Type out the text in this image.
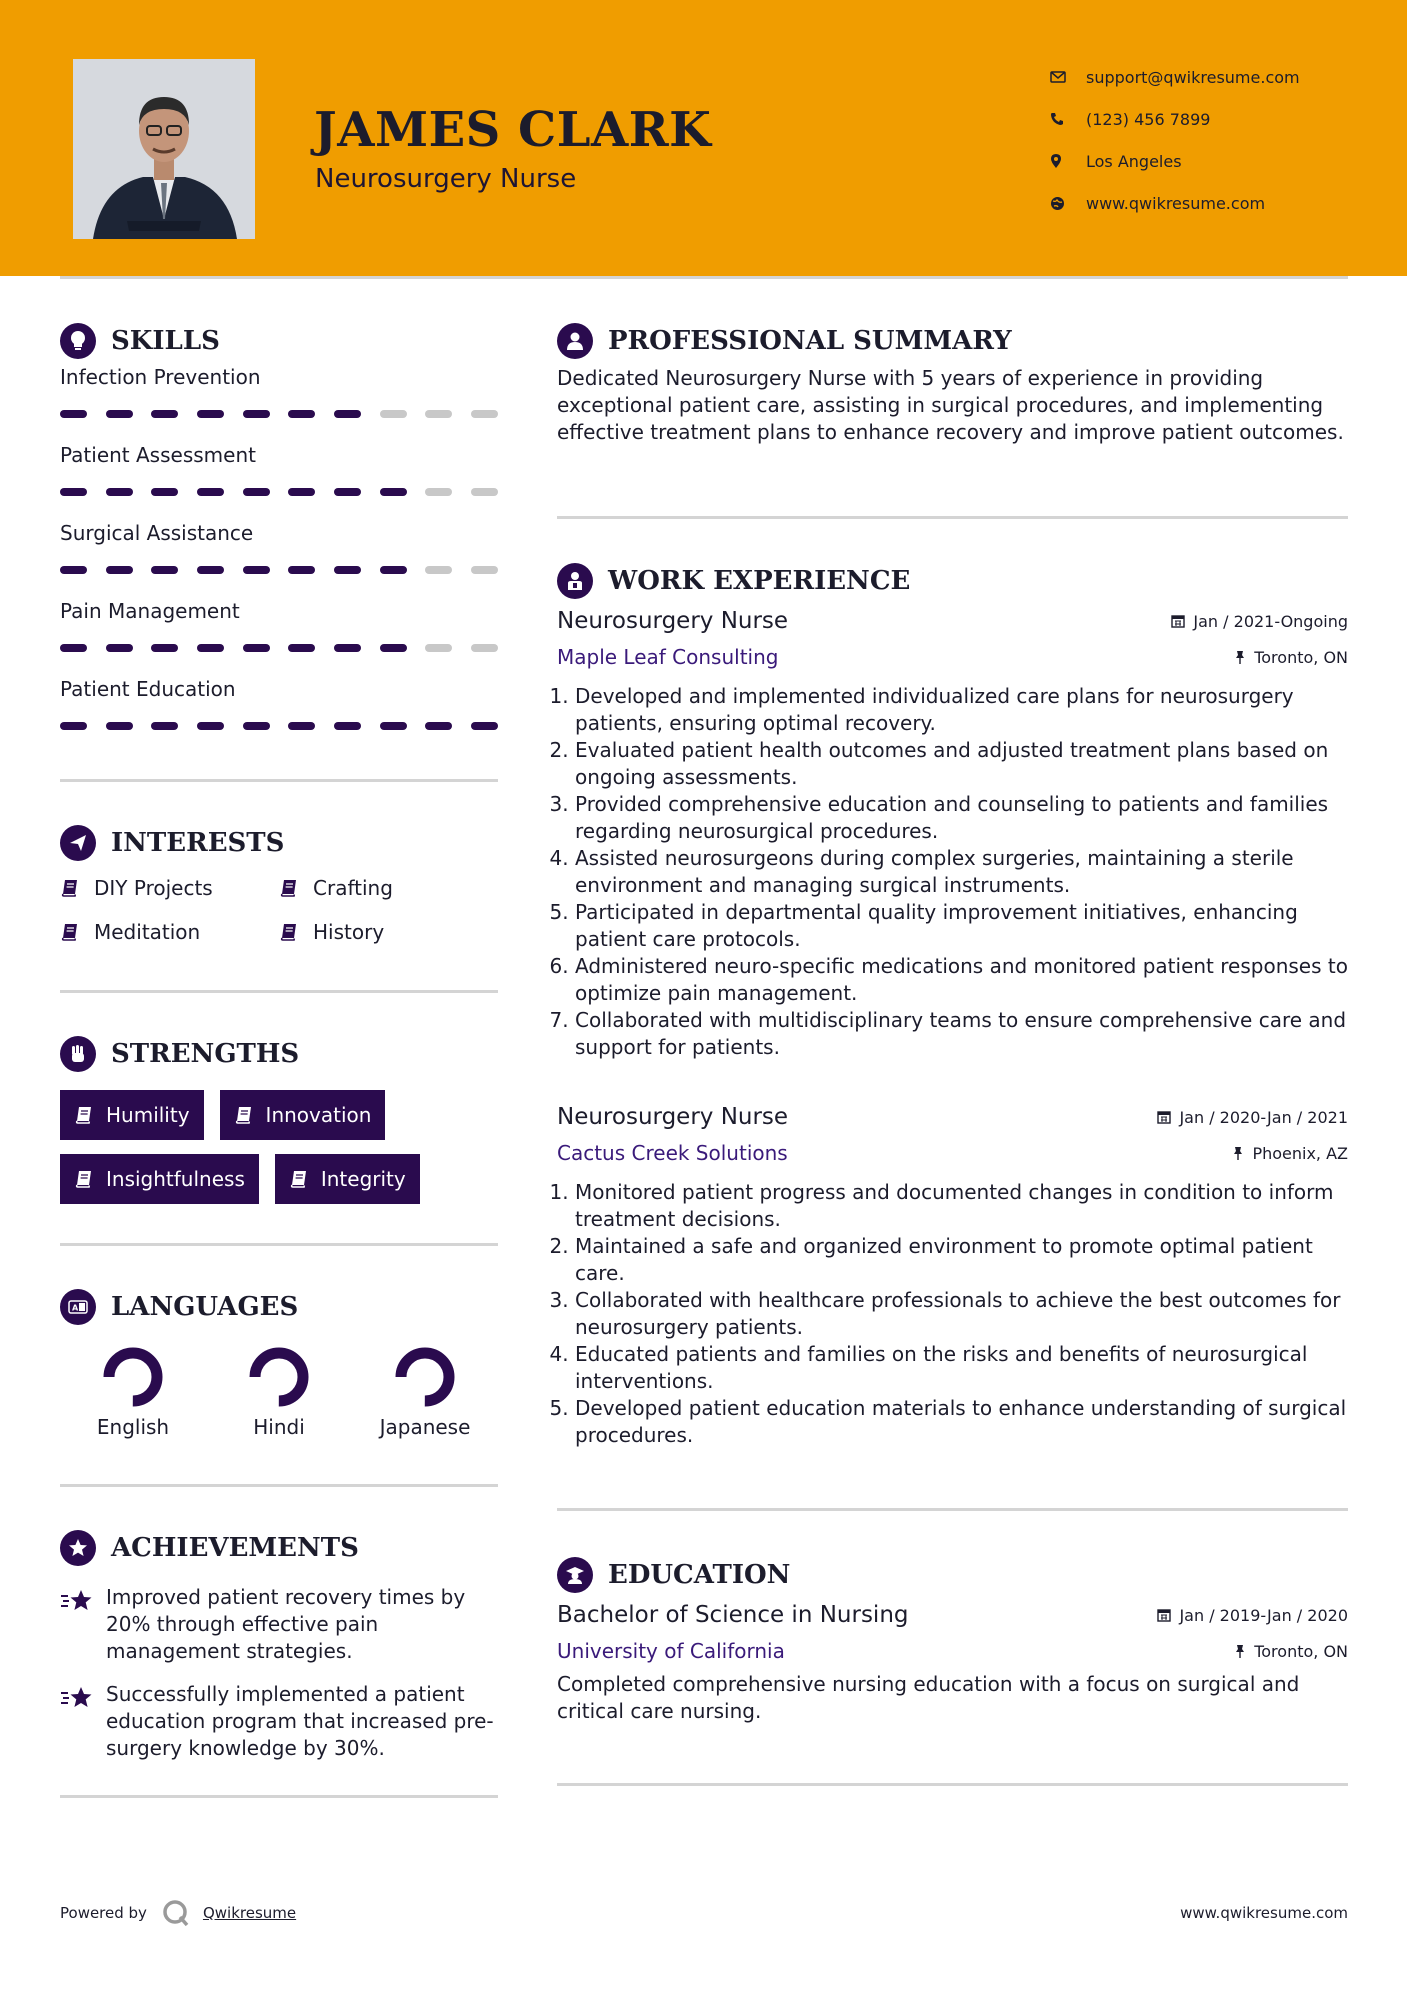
JAMES CLARK
Neurosurgery Nurse
support@qwikresume.com
(123) 456 7899
Los Angeles
www.qwikresume.com
SKILLS
Infection Prevention
Patient Assessment
Surgical Assistance
Pain Management
Patient Education
INTERESTS
DIY Projects	Crafting
Meditation	History
STRENGTHS
Humility	Innovation
Insightfulness	Integrity
A LANGUAGES
English	Hindi	Japanese
ACHIEVEMENTS
Improved patient recovery times by 20% through effective pain management strategies.
Successfully implemented a patient education program that increased pre-surgery knowledge by 30%.
PROFESSIONAL SUMMARY
Dedicated Neurosurgery Nurse with 5 years of experience in providing exceptional patient care, assisting in surgical procedures, and implementing effective treatment plans to enhance recovery and improve patient outcomes.
WORK EXPERIENCE
Neurosurgery Nurse	Jan / 2021-Ongoing
Maple Leaf Consulting	Toronto, ON
1. Developed and implemented individualized care plans for neurosurgery patients, ensuring optimal recovery.
2. Evaluated patient health outcomes and adjusted treatment plans based on ongoing assessments.
3. Provided comprehensive education and counseling to patients and families regarding neurosurgical procedures.
4. Assisted neurosurgeons during complex surgeries, maintaining a sterile environment and managing surgical instruments.
5. Participated in departmental quality improvement initiatives, enhancing patient care protocols.
6. Administered neuro-specific medications and monitored patient responses to optimize pain management.
7. Collaborated with multidisciplinary teams to ensure comprehensive care and support for patients.
Neurosurgery Nurse	Jan / 2020-Jan / 2021
Cactus Creek Solutions	Phoenix, AZ
1. Monitored patient progress and documented changes in condition to inform treatment decisions.
2. Maintained a safe and organized environment to promote optimal patient care.
3. Collaborated with healthcare professionals to achieve the best outcomes for neurosurgery patients.
4. Educated patients and families on the risks and benefits of neurosurgical interventions.
5. Developed patient education materials to enhance understanding of surgical procedures.
EDUCATION
Bachelor of Science in Nursing	Jan / 2019-Jan / 2020
University of California	Toronto, ON
Completed comprehensive nursing education with a focus on surgical and critical care nursing.
Powered by	Qwikresume	www.qwikresume.com
